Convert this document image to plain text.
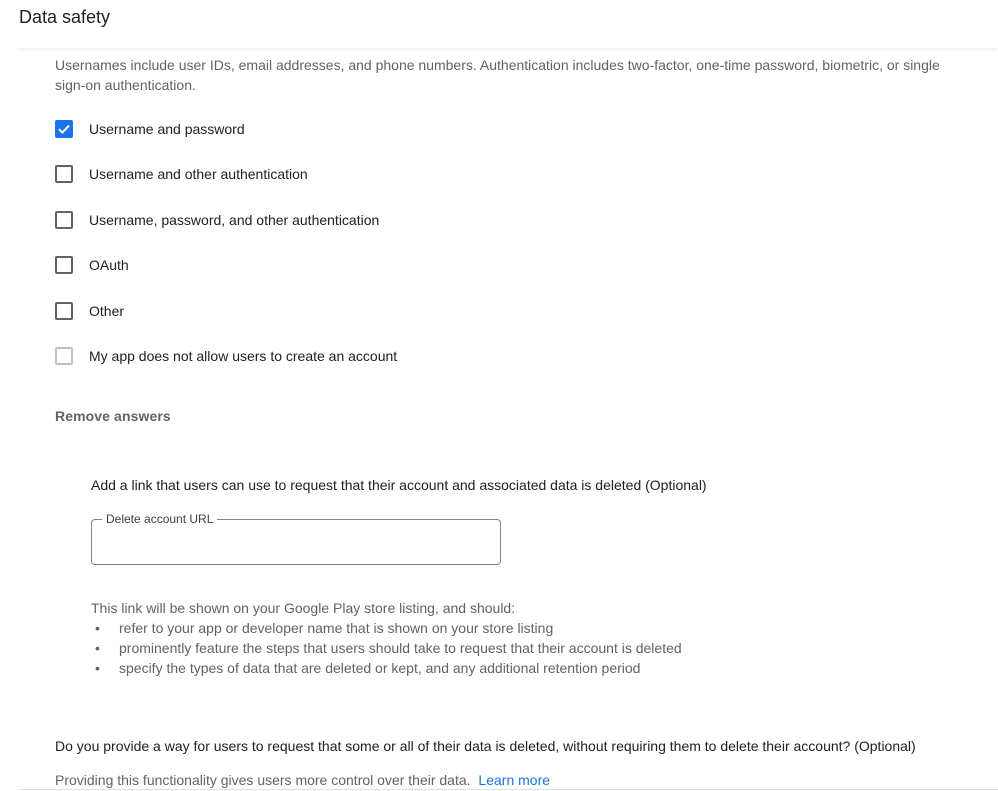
Data safety

Usernames include user IDs, email addresses, and phone numbers. Authentication includes two-factor, one-time password, biometric, or single sign-on authentication.

Username and password
Username and other authentication
Username, password, and other authentication
OAuth
Other
My app does not allow users to create an account
Remove answers
Add a link that users can use to request that their account and associated data is deleted (Optional)
Delete account URL
This link will be shown on your Google Play store listing, and should:
• refer to your app or developer name that is shown on your store listing
• prominently feature the steps that users should take to request that their account is deleted
• specify the types of data that are deleted or kept, and any additional retention period
Do you provide a way for users to request that some or all of their data is deleted, without requiring them to delete their account? (Optional)
Providing this functionality gives users more control over their data. Learn more
